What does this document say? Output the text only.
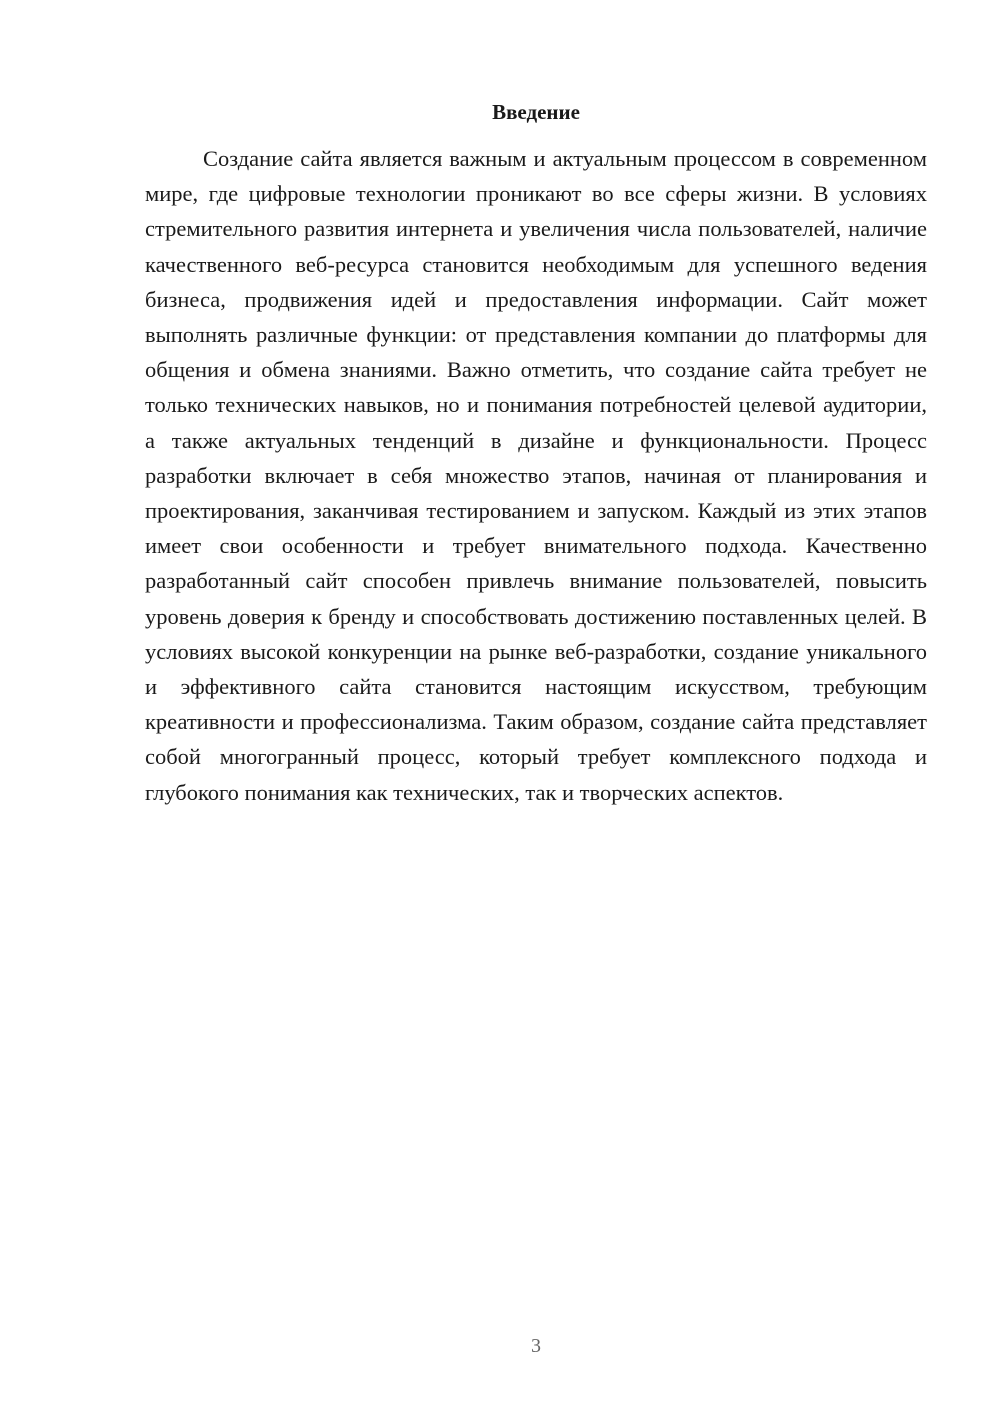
Введение

Создание сайта является важным и актуальным процессом в современном мире, где цифровые технологии проникают во все сферы жизни. В условиях стремительного развития интернета и увеличения числа пользователей, наличие качественного веб-ресурса становится необходимым для успешного ведения бизнеса, продвижения идей и предоставления информации. Сайт может выполнять различные функции: от представления компании до платформы для общения и обмена знаниями. Важно отметить, что создание сайта требует не только технических навыков, но и понимания потребностей целевой аудитории, а также актуальных тенденций в дизайне и функциональности. Процесс разработки включает в себя множество этапов, начиная от планирования и проектирования, заканчивая тестированием и запуском. Каждый из этих этапов имеет свои особенности и требует внимательного подхода. Качественно разработанный сайт способен привлечь внимание пользователей, повысить уровень доверия к бренду и способствовать достижению поставленных целей. В условиях высокой конкуренции на рынке веб-разработки, создание уникального и эффективного сайта становится настоящим искусством, требующим креативности и профессионализма. Таким образом, создание сайта представляет собой многогранный процесс, который требует комплексного подхода и глубокого понимания как технических, так и творческих аспектов.

3
